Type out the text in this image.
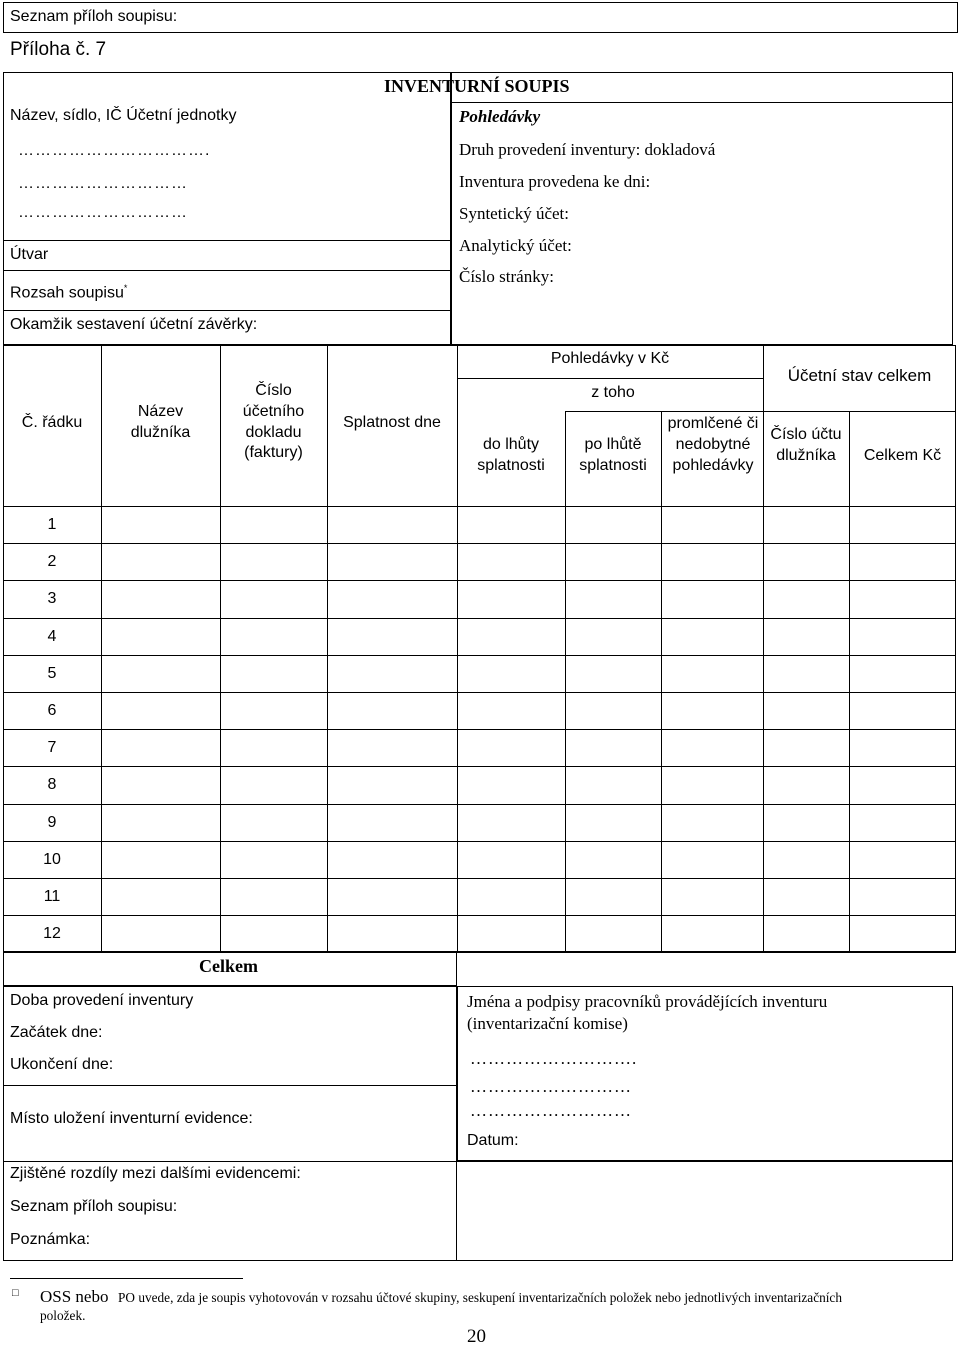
Seznam příloh soupisu:
Příloha č. 7
INVENTURNÍ SOUPIS
Název, sídlo, IČ Účetní jednotky
…………………………….
…………………………
…………………………
Útvar
Rozsah soupisu*
Okamžik sestavení účetní závěrky:
Pohledávky
Druh provedení inventury: dokladová
Inventura provedena ke dni:
Syntetický účet:
Analytický účet:
Číslo stránky:
Č. řádku
Název dlužníka
Číslo účetního dokladu (faktury)
Splatnost dne
Pohledávky v Kč
z toho
do lhůty splatnosti
po lhůtě splatnosti
promlčené či nedobytné pohledávky
Účetní stav celkem
Číslo účtu dlužníka	Celkem Kč
1
2
3
4
5
6
7
8
9
10
11
12
Celkem
Doba provedení inventury
Začátek dne:
Ukončení dne:
Místo uložení inventurní evidence:
Jména a podpisy pracovníků provádějících inventuru
(inventarizační komise)
……………………….
………………………
………………………
Datum:
Zjištěné rozdíly mezi dalšími evidencemi:
Seznam příloh soupisu:
Poznámka:
□ OSS nebo PO uvede, zda je soupis vyhotovován v rozsahu účtové skupiny, seskupení inventarizačních položek nebo jednotlivých inventarizačních
položek.
20
